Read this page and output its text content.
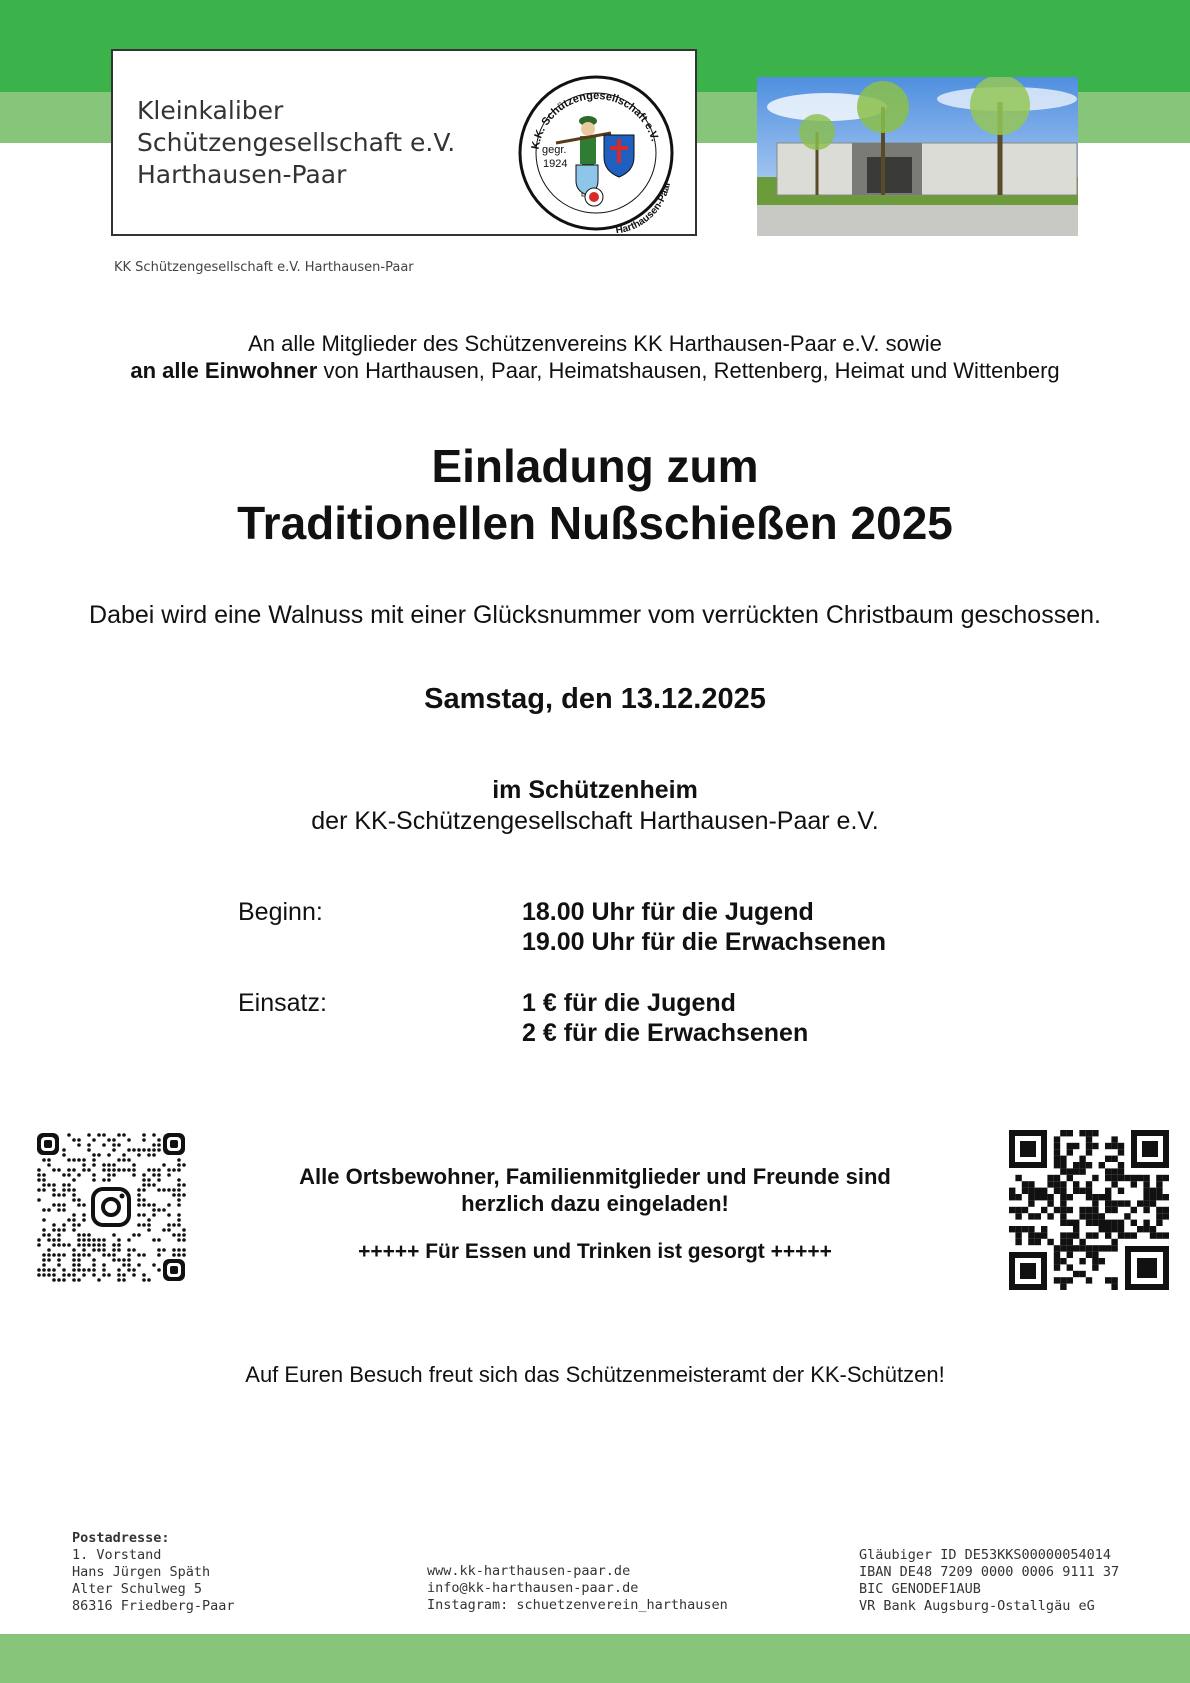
Kleinkaliber
Schützengesellschaft e.V.
Harthausen-Paar
K.K. Schützengesellschaft e.V.
Harthausen-Paar
gegr.
1924
KK Schützengesellschaft e.V. Harthausen-Paar
An alle Mitglieder des Schützenvereins KK Harthausen-Paar e.V. sowie
an alle Einwohner von Harthausen, Paar, Heimatshausen, Rettenberg, Heimat und Wittenberg
Einladung zum
Traditionellen Nußschießen 2025
Dabei wird eine Walnuss mit einer Glücksnummer vom verrückten Christbaum geschossen.
Samstag, den 13.12.2025
im Schützenheim
der KK-Schützengesellschaft Harthausen-Paar e.V.
Beginn:	18.00 Uhr für die Jugend
19.00 Uhr für die Erwachsenen
Einsatz:	1 € für die Jugend
2 € für die Erwachsenen
Alle Ortsbewohner, Familienmitglieder und Freunde sind
herzlich dazu eingeladen!
+++++ Für Essen und Trinken ist gesorgt +++++
Auf Euren Besuch freut sich das Schützenmeisteramt der KK-Schützen!
Postadresse:
1. Vorstand
Hans Jürgen Späth
Alter Schulweg 5
86316 Friedberg-Paar
www.kk-harthausen-paar.de
info@kk-harthausen-paar.de
Instagram: schuetzenverein_harthausen
Gläubiger ID DE53KKS00000054014
IBAN DE48 7209 0000 0006 9111 37
BIC GENODEF1AUB
VR Bank Augsburg-Ostallgäu eG
